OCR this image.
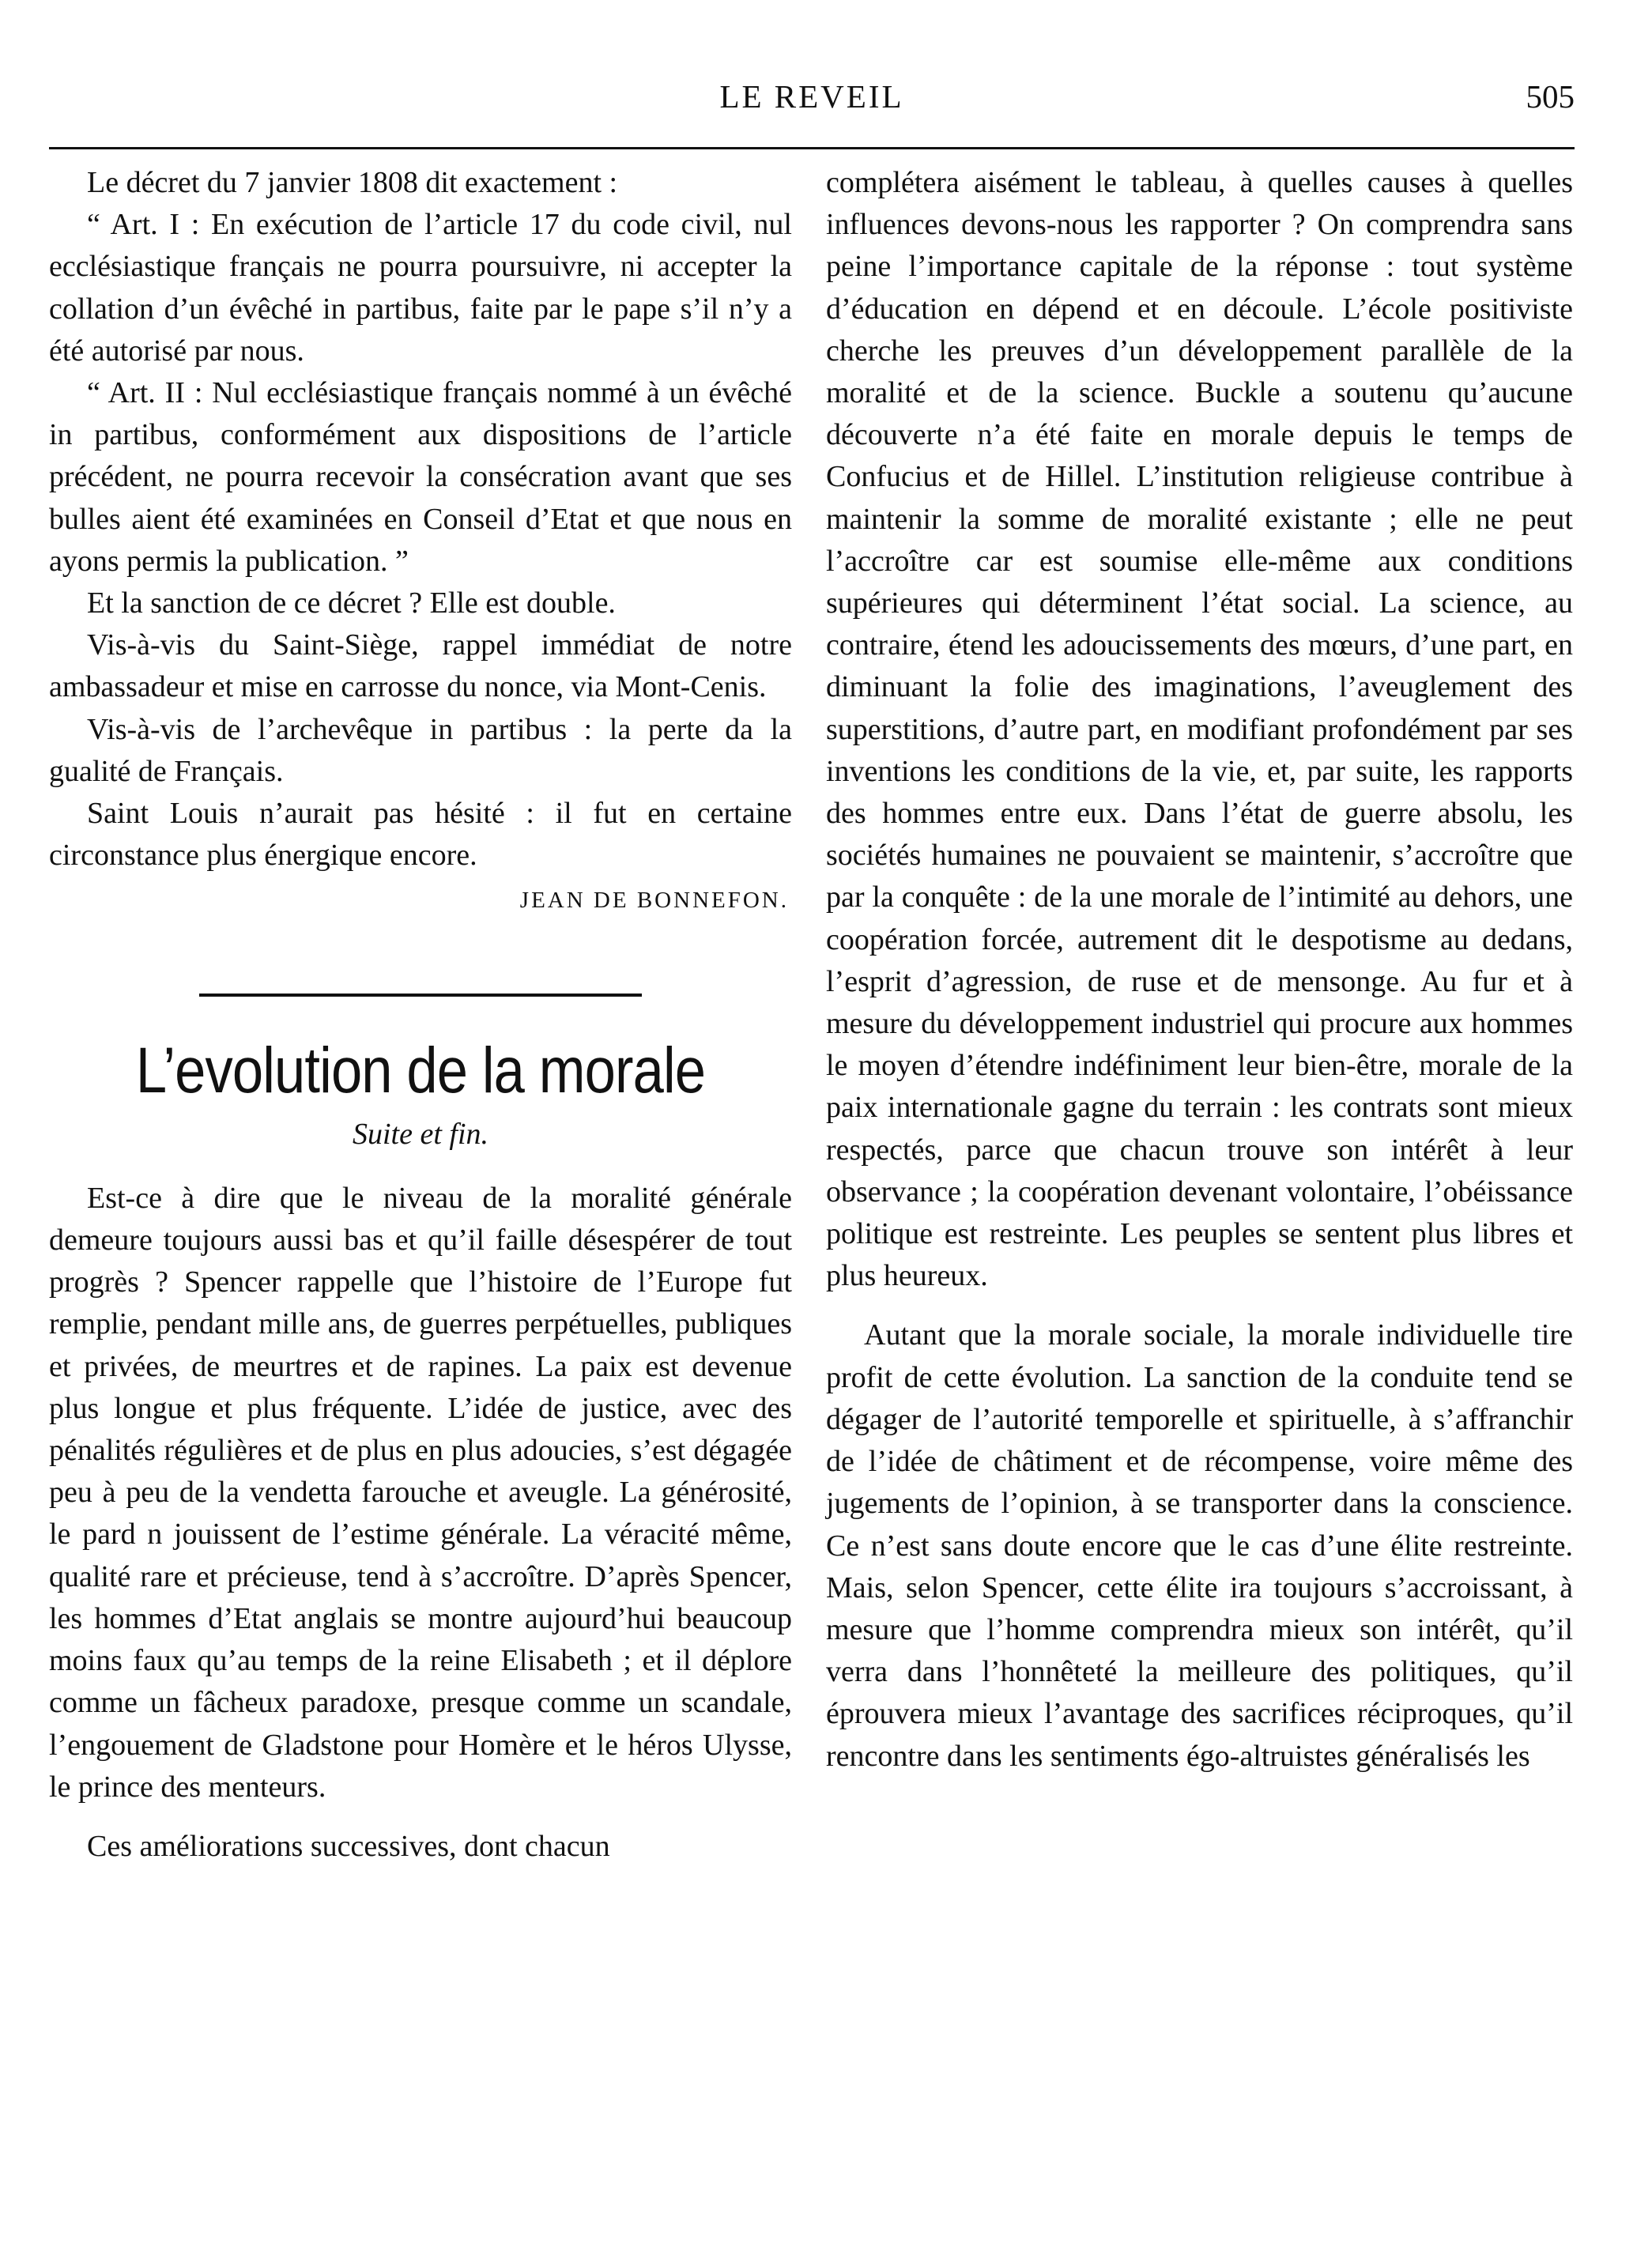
LE REVEIL	505

Le décret du 7 janvier 1808 dit exactement :

“ Art. I : En exécution de l’article 17 du code civil, nul ecclésiastique français ne pourra poursuivre, ni accepter la collation d’un évêché in partibus, faite par le pape s’il n’y a été autorisé par nous.

“ Art. II : Nul ecclésiastique français nommé à un évêché in partibus, conformément aux dispositions de l’article précédent, ne pourra recevoir la consécration avant que ses bulles aient été examinées en Conseil d’Etat et que nous en ayons permis la publication. ”

Et la sanction de ce décret ? Elle est double.

Vis-à-vis du Saint-Siège, rappel immédiat de notre ambassadeur et mise en carrosse du nonce, via Mont-Cenis.

Vis-à-vis de l’archevêque in partibus : la perte da la gualité de Français.

Saint Louis n’aurait pas hésité : il fut en certaine circonstance plus énergique encore.

JEAN DE BONNEFON.
L’evolution de la morale
Suite et fin.

Est-ce à dire que le niveau de la moralité générale demeure toujours aussi bas et qu’il faille désespérer de tout progrès ? Spencer rappelle que l’histoire de l’Europe fut remplie, pendant mille ans, de guerres perpétuelles, publiques et privées, de meurtres et de rapines. La paix est devenue plus longue et plus fréquente. L’idée de justice, avec des pénalités régulières et de plus en plus adoucies, s’est dégagée peu à peu de la vendetta farouche et aveugle. La générosité, le pard n jouissent de l’estime générale. La véracité même, qualité rare et précieuse, tend à s’accroître. D’après Spencer, les hommes d’Etat anglais se montre aujourd’hui beaucoup moins faux qu’au temps de la reine Elisabeth ; et il déplore comme un fâcheux paradoxe, presque comme un scandale, l’engouement de Gladstone pour Homère et le héros Ulysse, le prince des menteurs.

Ces améliorations successives, dont chacun

complétera aisément le tableau, à quelles causes à quelles influences devons-nous les rapporter ? On comprendra sans peine l’importance capitale de la réponse : tout système d’éducation en dépend et en découle. L’école positiviste cherche les preuves d’un développement parallèle de la moralité et de la science. Buckle a soutenu qu’aucune découverte n’a été faite en morale depuis le temps de Confucius et de Hillel. L’institution religieuse contribue à maintenir la somme de moralité existante ; elle ne peut l’accroître car est soumise elle-même aux conditions supérieures qui déterminent l’état social. La science, au contraire, étend les adoucissements des mœurs, d’une part, en diminuant la folie des imaginations, l’aveuglement des superstitions, d’autre part, en modifiant profondément par ses inventions les conditions de la vie, et, par suite, les rapports des hommes entre eux. Dans l’état de guerre absolu, les sociétés humaines ne pouvaient se maintenir, s’accroître que par la conquête : de la une morale de l’intimité au dehors, une coopération forcée, autrement dit le despotisme au dedans, l’esprit d’agression, de ruse et de mensonge. Au fur et à mesure du développement industriel qui procure aux hommes le moyen d’étendre indéfiniment leur bien-être, morale de la paix internationale gagne du terrain : les contrats sont mieux respectés, parce que chacun trouve son intérêt à leur observance ; la coopération devenant volontaire, l’obéissance politique est restreinte. Les peuples se sentent plus libres et plus heureux.

Autant que la morale sociale, la morale individuelle tire profit de cette évolution. La sanction de la conduite tend se dégager de l’autorité temporelle et spirituelle, à s’affranchir de l’idée de châtiment et de récompense, voire même des jugements de l’opinion, à se transporter dans la conscience. Ce n’est sans doute encore que le cas d’une élite restreinte. Mais, selon Spencer, cette élite ira toujours s’accroissant, à mesure que l’homme comprendra mieux son intérêt, qu’il verra dans l’honnêteté la meilleure des politiques, qu’il éprouvera mieux l’avantage des sacrifices réciproques, qu’il rencontre dans les sentiments égo-altruistes généralisés les
